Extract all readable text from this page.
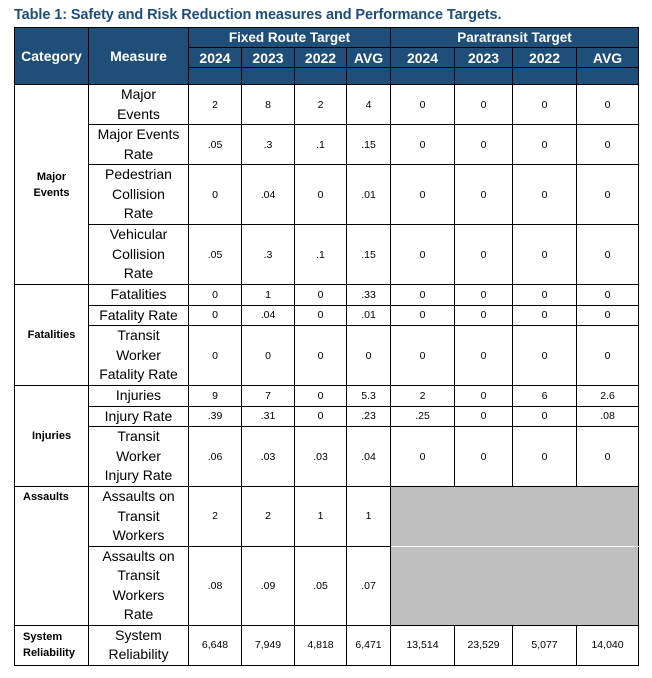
Table 1: Safety and Risk Reduction measures and Performance Targets.
Category	Measure	Fixed Route Target				Paratransit Target			
		2024	2023	2022	AVG	2024	2023	2022	AVG

Major Events	Major Events	2	8	2	4	0	0	0	0
	Major Events Rate	.05	.3	.1	.15	0	0	0	0
	Pedestrian Collision Rate	0	.04	0	.01	0	0	0	0
	Vehicular Collision Rate	.05	.3	.1	.15	0	0	0	0
Fatalities	Fatalities	0	1	0	.33	0	0	0	0
	Fatality Rate	0	.04	0	.01	0	0	0	0
	Transit Worker Fatality Rate	0	0	0	0	0	0	0	0
Injuries	Injuries	9	7	0	5.3	2	0	6	2.6
	Injury Rate	.39	.31	0	.23	.25	0	0	.08
	Transit Worker Injury Rate	.06	.03	.03	.04	0	0	0	0
Assaults	Assaults on Transit Workers	2	2	1	1				
	Assaults on Transit Workers Rate	.08	.09	.05	.07				

System Reliability	System Reliability	6,648	7,949	4,818	6,471	13,514	23,529	5,077	14,040
